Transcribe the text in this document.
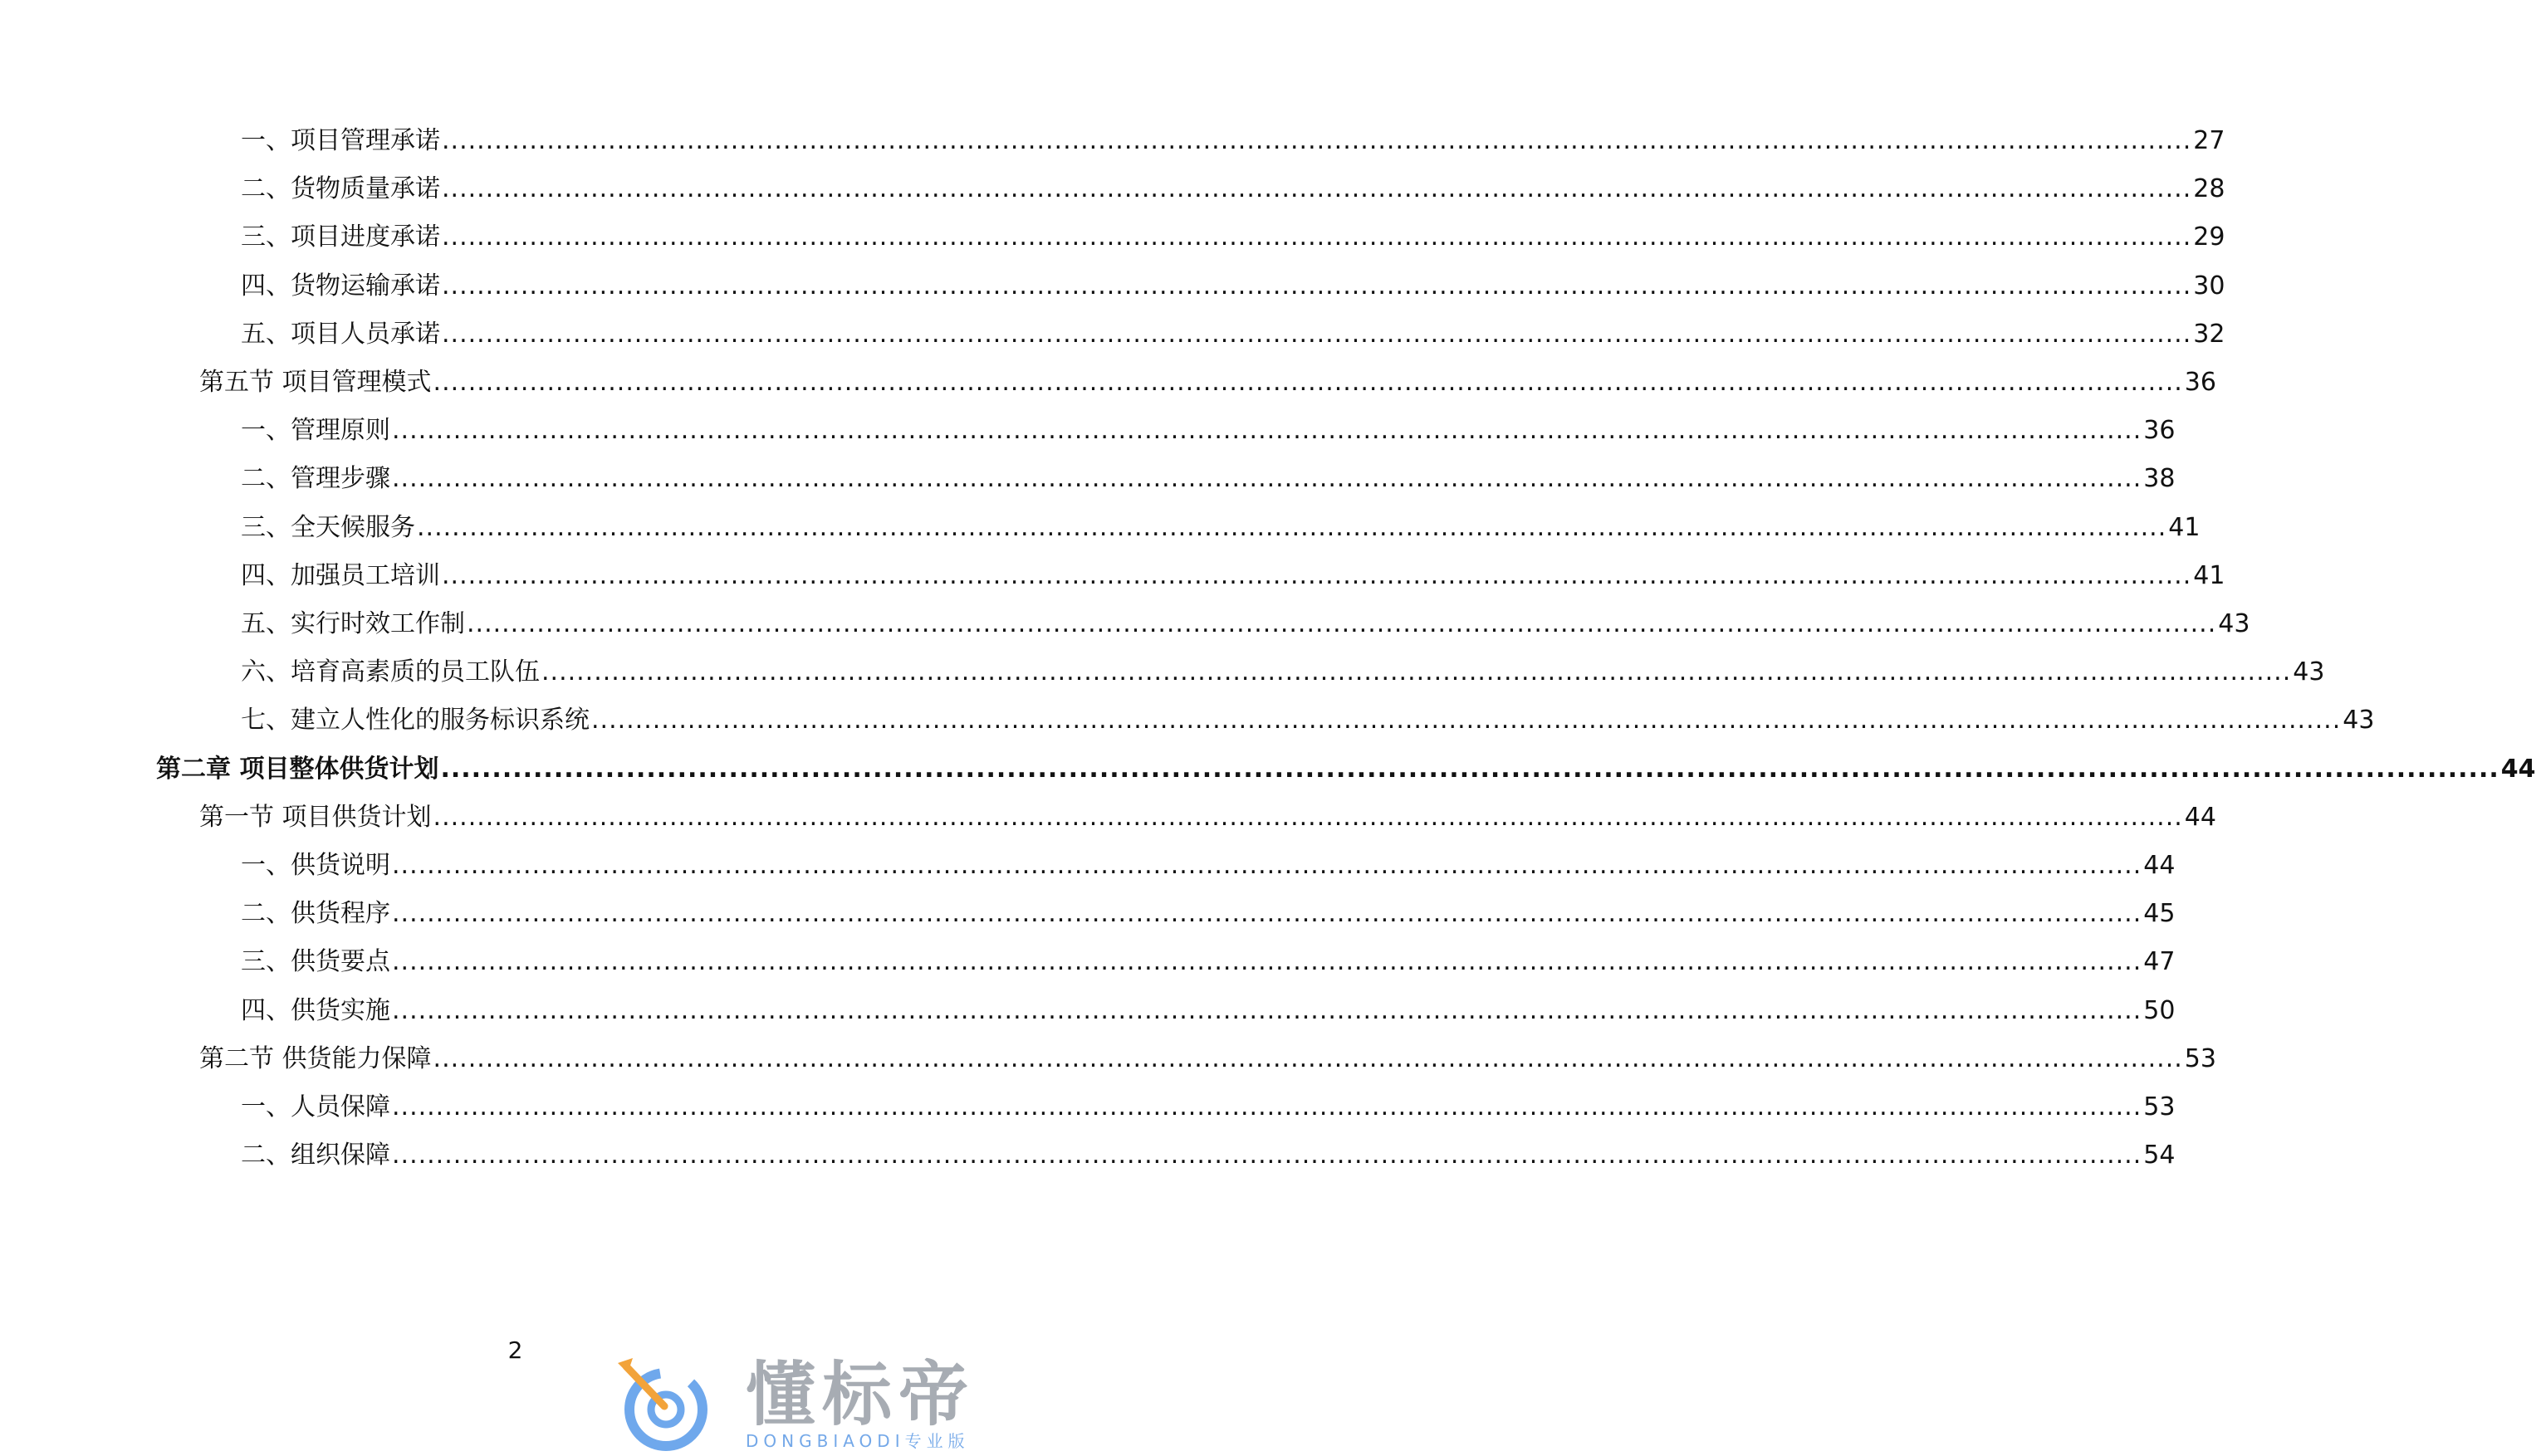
一、项目管理承诺 ........................................................................................................................................................................................................ 27
二、货物质量承诺 ........................................................................................................................................................................................................ 28
三、项目进度承诺 ........................................................................................................................................................................................................ 29
四、货物运输承诺 ........................................................................................................................................................................................................ 30
五、项目人员承诺 ........................................................................................................................................................................................................ 32
第五节 项目管理模式 ........................................................................................................................................................................................................ 36
一、管理原则 ........................................................................................................................................................................................................ 36
二、管理步骤 ........................................................................................................................................................................................................ 38
三、全天候服务 ........................................................................................................................................................................................................ 41
四、加强员工培训 ........................................................................................................................................................................................................ 41
五、实行时效工作制 ........................................................................................................................................................................................................ 43
六、培育高素质的员工队伍 ........................................................................................................................................................................................................ 43
七、建立人性化的服务标识系统 ........................................................................................................................................................................................................ 43
第二章 项目整体供货计划 ........................................................................................................................................................................................................ 44
第一节 项目供货计划 ........................................................................................................................................................................................................ 44
一、供货说明 ........................................................................................................................................................................................................ 44
二、供货程序 ........................................................................................................................................................................................................ 45
三、供货要点 ........................................................................................................................................................................................................ 47
四、供货实施 ........................................................................................................................................................................................................ 50
第二节 供货能力保障 ........................................................................................................................................................................................................ 53
一、人员保障 ........................................................................................................................................................................................................ 53
二、组织保障 ........................................................................................................................................................................................................ 54
2
懂标帝
DONGBIAODI专业版
